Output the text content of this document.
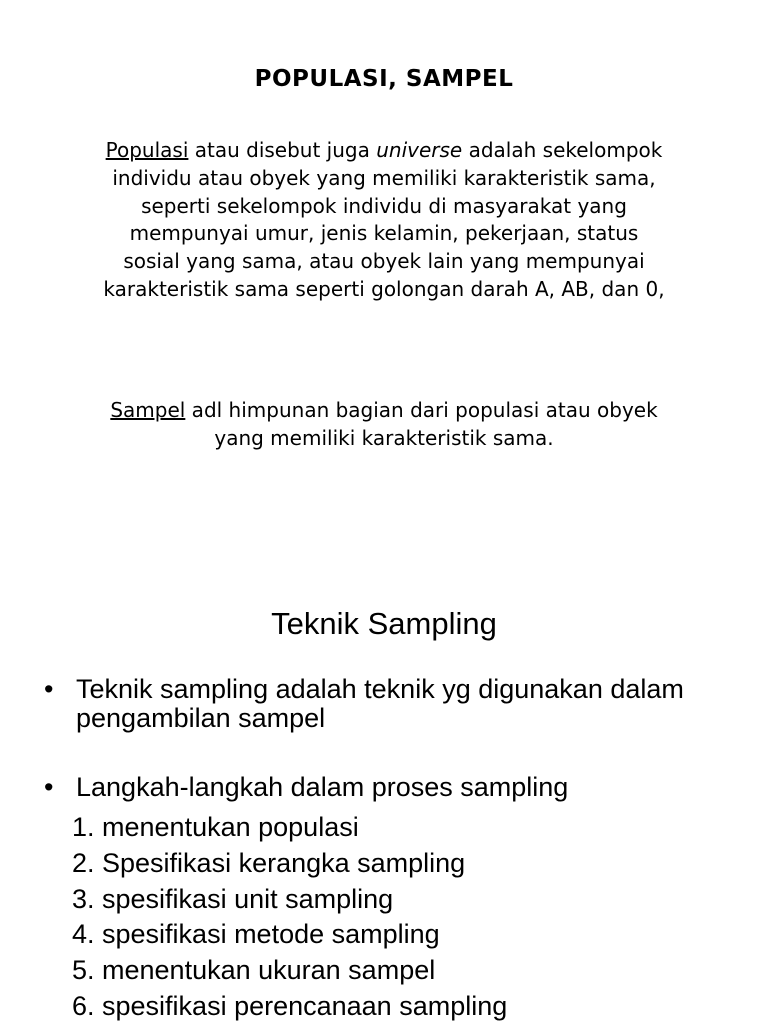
POPULASI, SAMPEL

Populasi atau disebut juga universe adalah sekelompok individu atau obyek yang memiliki karakteristik sama, seperti sekelompok individu di masyarakat yang mempunyai umur, jenis kelamin, pekerjaan, status sosial yang sama, atau obyek lain yang mempunyai karakteristik sama seperti golongan darah A, AB, dan 0,

Sampel adl himpunan bagian dari populasi atau obyek yang memiliki karakteristik sama.

Teknik Sampling
• Teknik sampling adalah teknik yg digunakan dalam pengambilan sampel
• Langkah-langkah dalam proses sampling
1. menentukan populasi
2. Spesifikasi kerangka sampling
3. spesifikasi unit sampling
4. spesifikasi metode sampling
5. menentukan ukuran sampel
6. spesifikasi perencanaan sampling
